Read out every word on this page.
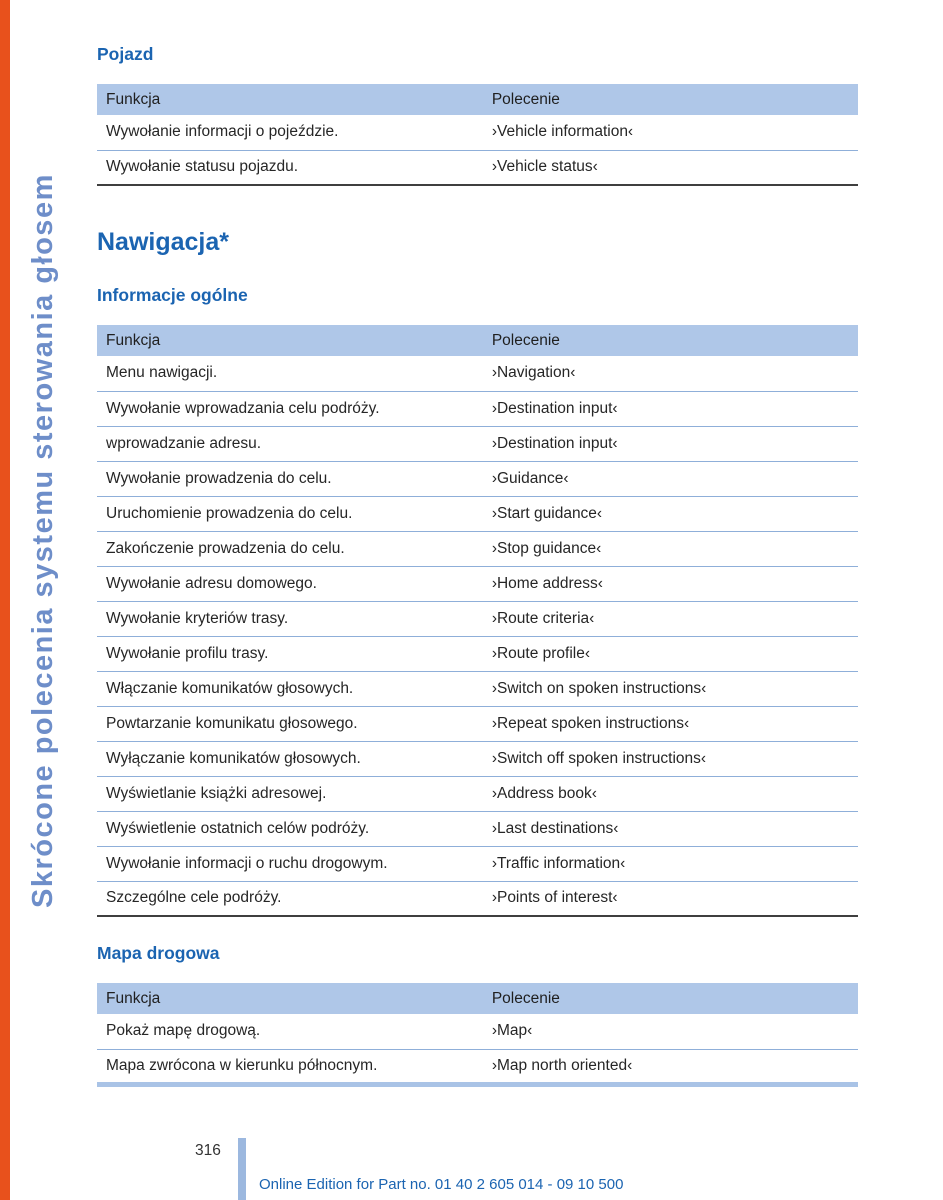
Skrócone polecenia systemu sterowania głosem
Pojazd
Funkcja	Polecenie
Wywołanie informacji o pojeździe.	›Vehicle information‹
Wywołanie statusu pojazdu.	›Vehicle status‹
Nawigacja*
Informacje ogólne
Funkcja	Polecenie
Menu nawigacji.	›Navigation‹
Wywołanie wprowadzania celu podróży.	›Destination input‹
wprowadzanie adresu.	›Destination input‹
Wywołanie prowadzenia do celu.	›Guidance‹
Uruchomienie prowadzenia do celu.	›Start guidance‹
Zakończenie prowadzenia do celu.	›Stop guidance‹
Wywołanie adresu domowego.	›Home address‹
Wywołanie kryteriów trasy.	›Route criteria‹
Wywołanie profilu trasy.	›Route profile‹
Włączanie komunikatów głosowych.	›Switch on spoken instructions‹
Powtarzanie komunikatu głosowego.	›Repeat spoken instructions‹
Wyłączanie komunikatów głosowych.	›Switch off spoken instructions‹
Wyświetlanie książki adresowej.	›Address book‹
Wyświetlenie ostatnich celów podróży.	›Last destinations‹
Wywołanie informacji o ruchu drogowym.	›Traffic information‹
Szczególne cele podróży.	›Points of interest‹
Mapa drogowa
Funkcja	Polecenie
Pokaż mapę drogową.	›Map‹
Mapa zwrócona w kierunku północnym.	›Map north oriented‹
316
Online Edition for Part no. 01 40 2 605 014 - 09 10 500
